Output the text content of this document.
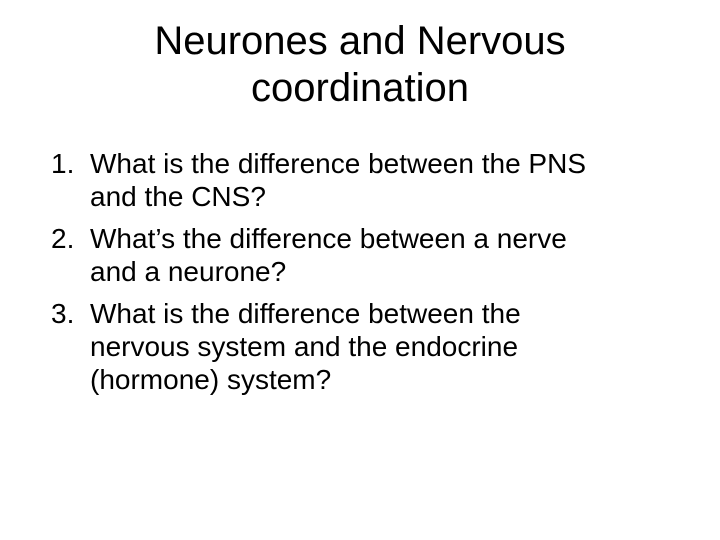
Neurones and Nervous
coordination
1. What is the difference between the PNS
and the CNS?
2. What’s the difference between a nerve
and a neurone?
3. What is the difference between the
nervous system and the endocrine
(hormone) system?
